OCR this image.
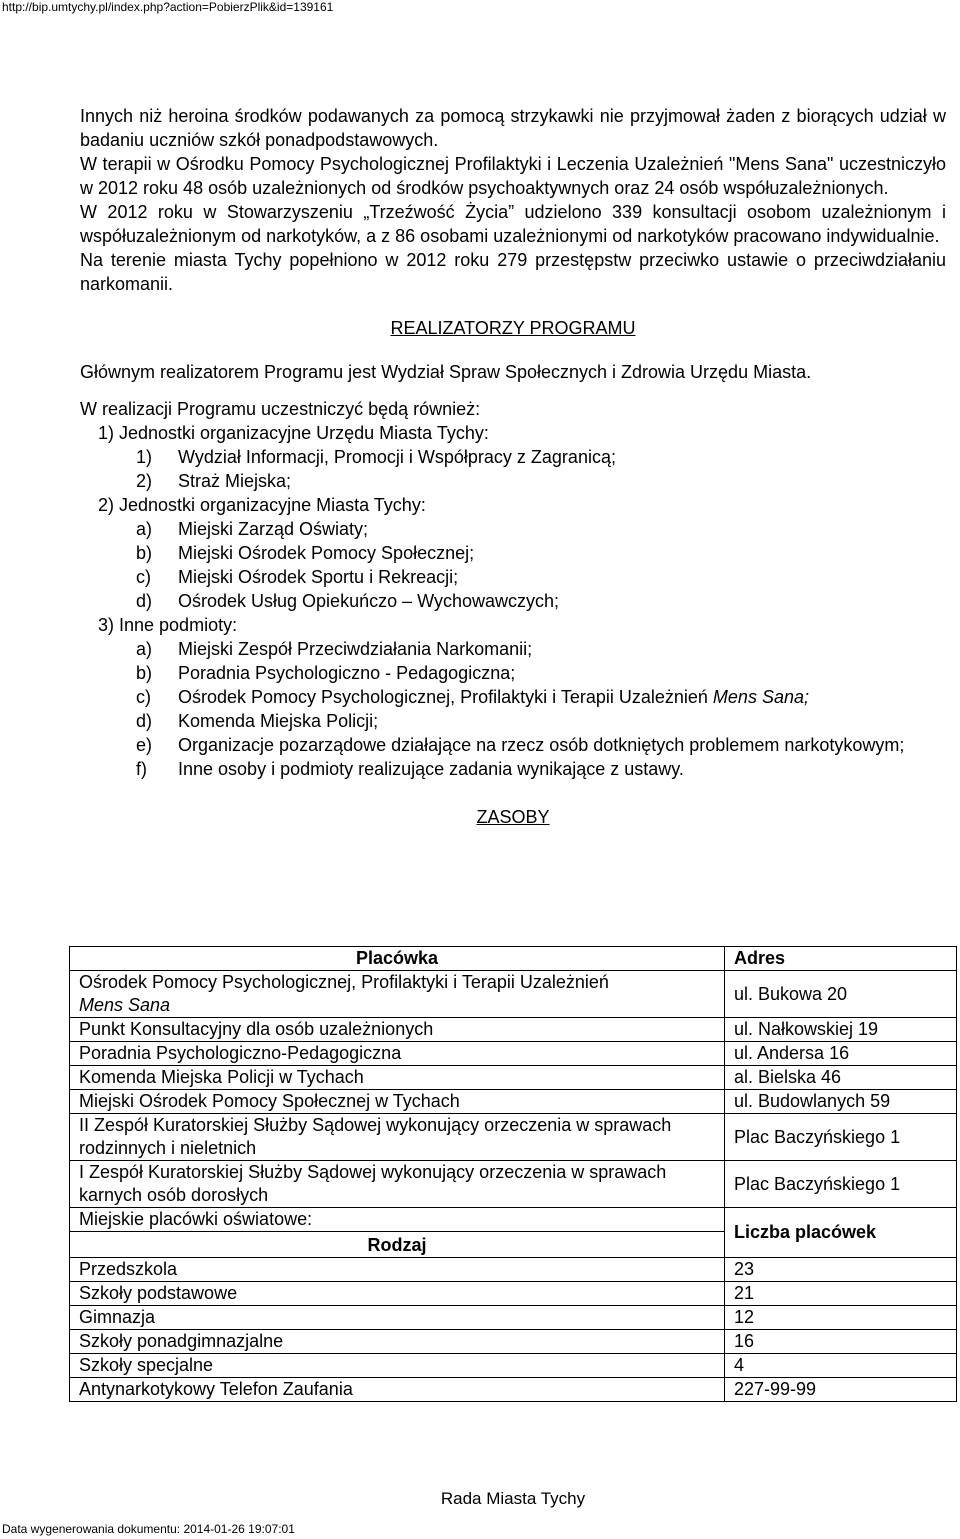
http://bip.umtychy.pl/index.php?action=PobierzPlik&id=139161

Innych niż heroina środków podawanych za pomocą strzykawki nie przyjmował żaden z biorących udział w badaniu uczniów szkół ponadpodstawowych.

W terapii w Ośrodku Pomocy Psychologicznej Profilaktyki i Leczenia Uzależnień "Mens Sana" uczestniczyło w 2012 roku 48 osób uzależnionych od środków psychoaktywnych oraz 24 osób współuzależnionych.

W 2012 roku w Stowarzyszeniu „Trzeźwość Życia” udzielono 339 konsultacji osobom uzależnionym i współuzależnionym od narkotyków, a z 86 osobami uzależnionymi od narkotyków pracowano indywidualnie.

Na terenie miasta Tychy popełniono w 2012 roku 279 przestępstw przeciwko ustawie o przeciwdziałaniu narkomanii.

REALIZATORZY PROGRAMU

Głównym realizatorem Programu jest Wydział Spraw Społecznych i Zdrowia Urzędu Miasta.

W realizacji Programu uczestniczyć będą również:

1) Jednostki organizacyjne Urzędu Miasta Tychy:

1)	Wydział Informacji, Promocji i Współpracy z Zagranicą;
2)	Straż Miejska;

2) Jednostki organizacyjne Miasta Tychy:

a)	Miejski Zarząd Oświaty;
b)	Miejski Ośrodek Pomocy Społecznej;
c)	Miejski Ośrodek Sportu i Rekreacji;
d)	Ośrodek Usług Opiekuńczo – Wychowawczych;

3) Inne podmioty:

a)	Miejski Zespół Przeciwdziałania Narkomanii;
b)	Poradnia Psychologiczno - Pedagogiczna;
c)	Ośrodek Pomocy Psychologicznej, Profilaktyki i Terapii Uzależnień Mens Sana;
d)	Komenda Miejska Policji;
e)	Organizacje pozarządowe działające na rzecz osób dotkniętych problemem narkotykowym;
f)	Inne osoby i podmioty realizujące zadania wynikające z ustawy.

ZASOBY

Placówka	Adres
Ośrodek Pomocy Psychologicznej, Profilaktyki i Terapii Uzależnień
Mens Sana	ul. Bukowa 20
Punkt Konsultacyjny dla osób uzależnionych	ul. Nałkowskiej 19
Poradnia Psychologiczno-Pedagogiczna	ul. Andersa 16
Komenda Miejska Policji w Tychach	al. Bielska 46
Miejski Ośrodek Pomocy Społecznej w Tychach	ul. Budowlanych 59
II Zespół Kuratorskiej Służby Sądowej wykonujący orzeczenia w sprawach rodzinnych i nieletnich	Plac Baczyńskiego 1
I Zespół Kuratorskiej Służby Sądowej wykonujący orzeczenia w sprawach karnych osób dorosłych	Plac Baczyńskiego 1

Miejskie placówki oświatowe:
Rodzaj	Liczba placówek
Przedszkola	23
Szkoły podstawowe	21
Gimnazja	12
Szkoły ponadgimnazjalne	16
Szkoły specjalne	4
Antynarkotykowy Telefon Zaufania	227-99-99
Rada Miasta Tychy
Data wygenerowania dokumentu: 2014-01-26 19:07:01
